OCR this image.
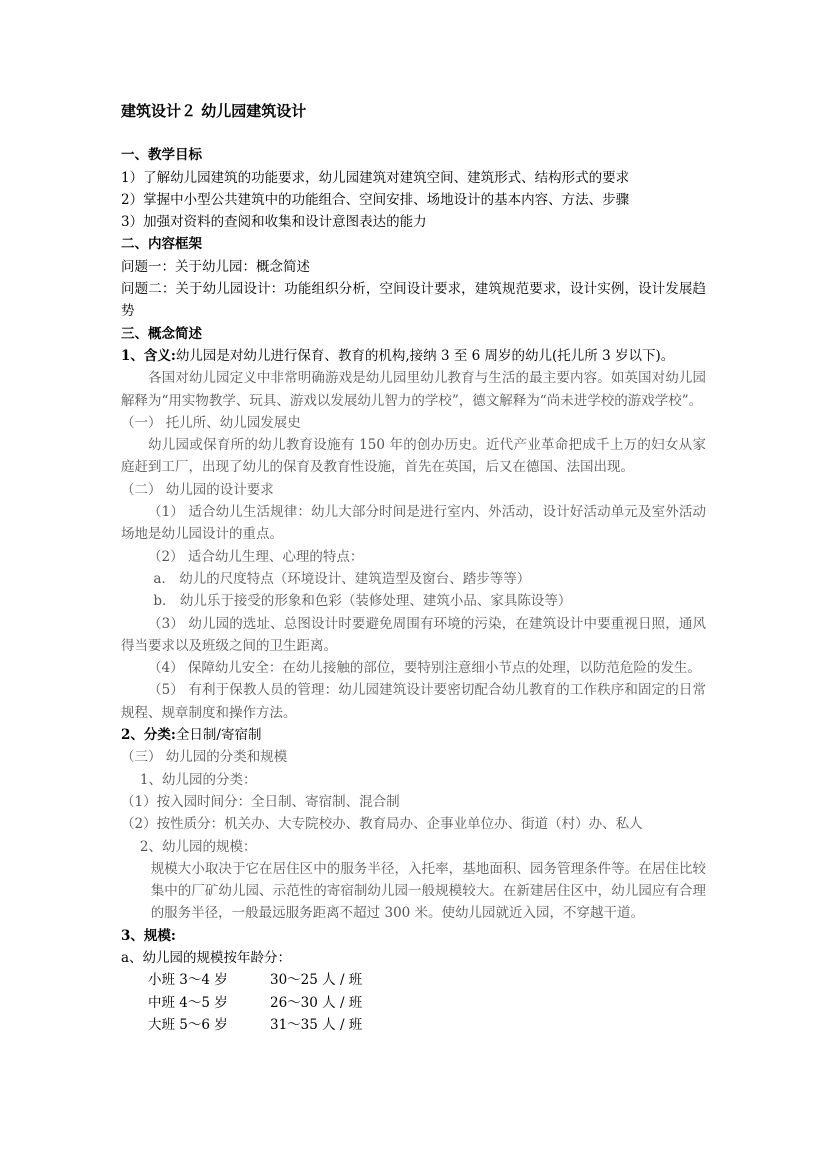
建筑设计２ 幼儿园建筑设计

一、教学目标

1）了解幼儿园建筑的功能要求，幼儿园建筑对建筑空间、建筑形式、结构形式的要求

2）掌握中小型公共建筑中的功能组合、空间安排、场地设计的基本内容、方法、步骤

3）加强对资料的查阅和收集和设计意图表达的能力

二、内容框架

问题一：关于幼儿园：概念简述

问题二：关于幼儿园设计：功能组织分析，空间设计要求，建筑规范要求，设计实例，设计发展趋势

三、概念简述

1、含义:幼儿园是对幼儿进行保育、教育的机构,接纳 3 至 6 周岁的幼儿(托儿所 3 岁以下)。

各国对幼儿园定义中非常明确游戏是幼儿园里幼儿教育与生活的最主要内容。如英国对幼儿园解释为“用实物教学、玩具、游戏以发展幼儿智力的学校”，德文解释为“尚未进学校的游戏学校”。

（一） 托儿所、幼儿园发展史

幼儿园或保育所的幼儿教育设施有 150 年的创办历史。近代产业革命把成千上万的妇女从家庭赶到工厂，出现了幼儿的保育及教育性设施，首先在英国，后又在德国、法国出现。

（二） 幼儿园的设计要求

（1） 适合幼儿生活规律：幼儿大部分时间是进行室内、外活动，设计好活动单元及室外活动场地是幼儿园设计的重点。

（2） 适合幼儿生理、心理的特点：

a． 幼儿的尺度特点（环境设计、建筑造型及窗台、踏步等等）

b． 幼儿乐于接受的形象和色彩（装修处理、建筑小品、家具陈设等）

（3） 幼儿园的选址、总图设计时要避免周围有环境的污染，在建筑设计中要重视日照，通风得当要求以及班级之间的卫生距离。

（4） 保障幼儿安全：在幼儿接触的部位，要特别注意细小节点的处理，以防范危险的发生。

（5） 有利于保教人员的管理：幼儿园建筑设计要密切配合幼儿教育的工作秩序和固定的日常规程、规章制度和操作方法。

2、分类:全日制/寄宿制

（三） 幼儿园的分类和规模

1、幼儿园的分类：

（1）按入园时间分：全日制、寄宿制、混合制

（2）按性质分：机关办、大专院校办、教育局办、企事业单位办、街道（村）办、私人

2、幼儿园的规模：

规模大小取决于它在居住区中的服务半径，入托率，基地面积、园务管理条件等。在居住比较集中的厂矿幼儿园、示范性的寄宿制幼儿园一般规模较大。在新建居住区中，幼儿园应有合理的服务半径，一般最远服务距离不超过 300 米。使幼儿园就近入园，不穿越干道。

3、规模:

a、幼儿园的规模按年龄分：

小班 3～4 岁	30～25 人 / 班
中班 4～5 岁	26～30 人 / 班
大班 5～6 岁	31～35 人 / 班
